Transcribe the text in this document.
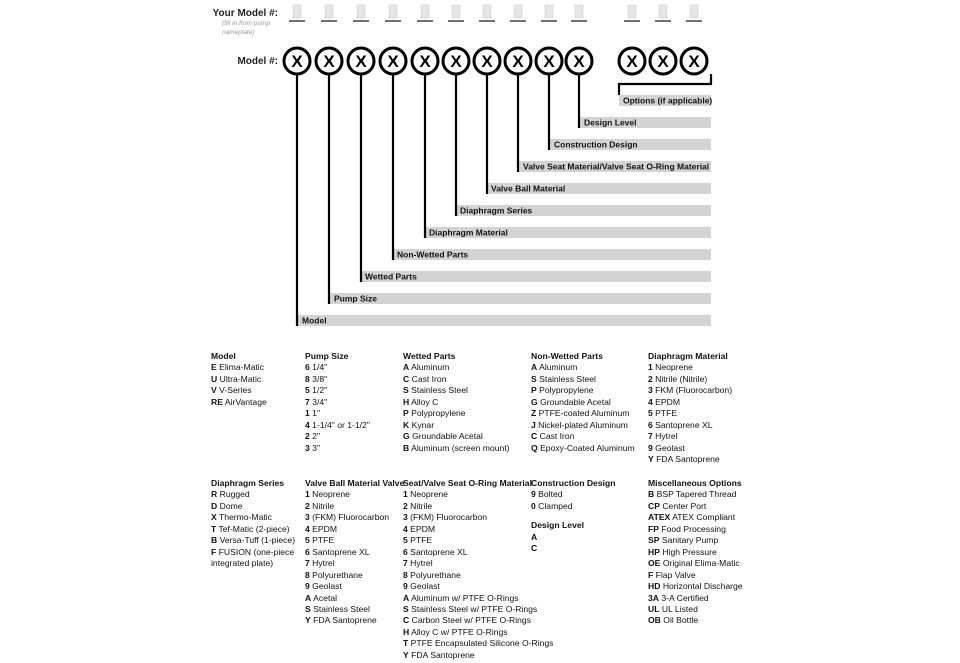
Your Model #:
(fill in from pump
nameplate)
Model #: X X X X X X X X X X X X X
Options (if applicable)
Design Level
Construction Design
Valve Seat Material/Valve Seat O-Ring Material
Valve Ball Material
Diaphragm Series
Diaphragm Material
Non-Wetted Parts
Wetted Parts
Pump Size
Model
Model
E Elima-Matic
U Ultra-Matic
V V-Series
RE AirVantage
Pump Size
6 1/4"
8 3/8"
5 1/2"
7 3/4"
1 1"
4 1-1/4" or 1-1/2"
2 2"
3 3"
Wetted Parts
A Aluminum
C Cast Iron
S Stainless Steel
H Alloy C
P Polypropylene
K Kynar
G Groundable Acetal
B Aluminum (screen mount)
Non-Wetted Parts
A Aluminum
S Stainless Steel
P Polypropylene
G Groundable Acetal
Z PTFE-coated Aluminum
J Nickel-plated Aluminum
C Cast Iron
Q Epoxy-Coated Aluminum
Diaphragm Material
1 Neoprene
2 Nitrile (Nitrile)
3 FKM (Fluorocarbon)
4 EPDM
5 PTFE
6 Santoprene XL
7 Hytrel
9 Geolast
Y FDA Santoprene
Diaphragm Series
R Rugged
D Dome
X Thermo-Matic
T Tef-Matic (2-piece)
B Versa-Tuff (1-piece)
F FUSION (one-piece integrated plate)
Valve Ball Material Valve
1 Neoprene
2 Nitrile
3 (FKM) Fluorocarbon
4 EPDM
5 PTFE
6 Santoprene XL
7 Hytrel
8 Polyurethane
9 Geolast
A Acetal
S Stainless Steel
Y FDA Santoprene
Seat/Valve Seat O-Ring Material
1 Neoprene
2 Nitrile
3 (FKM) Fluorocarbon
4 EPDM
5 PTFE
6 Santoprene XL
7 Hytrel
8 Polyurethane
9 Geolast
A Aluminum w/ PTFE O-Rings
S Stainless Steel w/ PTFE O-Rings
C Carbon Steel w/ PTFE O-Rings
H Alloy C w/ PTFE O-Rings
T PTFE Encapsulated Silicone O-Rings
Y FDA Santoprene
Construction Design
9 Bolted
0 Clamped
Design Level
A
C
Miscellaneous Options
B BSP Tapered Thread
CP Center Port
ATEX ATEX Compliant
FP Food Processing
SP Sanitary Pump
HP High Pressure
OE Original Elima-Matic
F Flap Valve
HD Horizontal Discharge
3A 3-A Certified
UL UL Listed
OB Oil Bottle
